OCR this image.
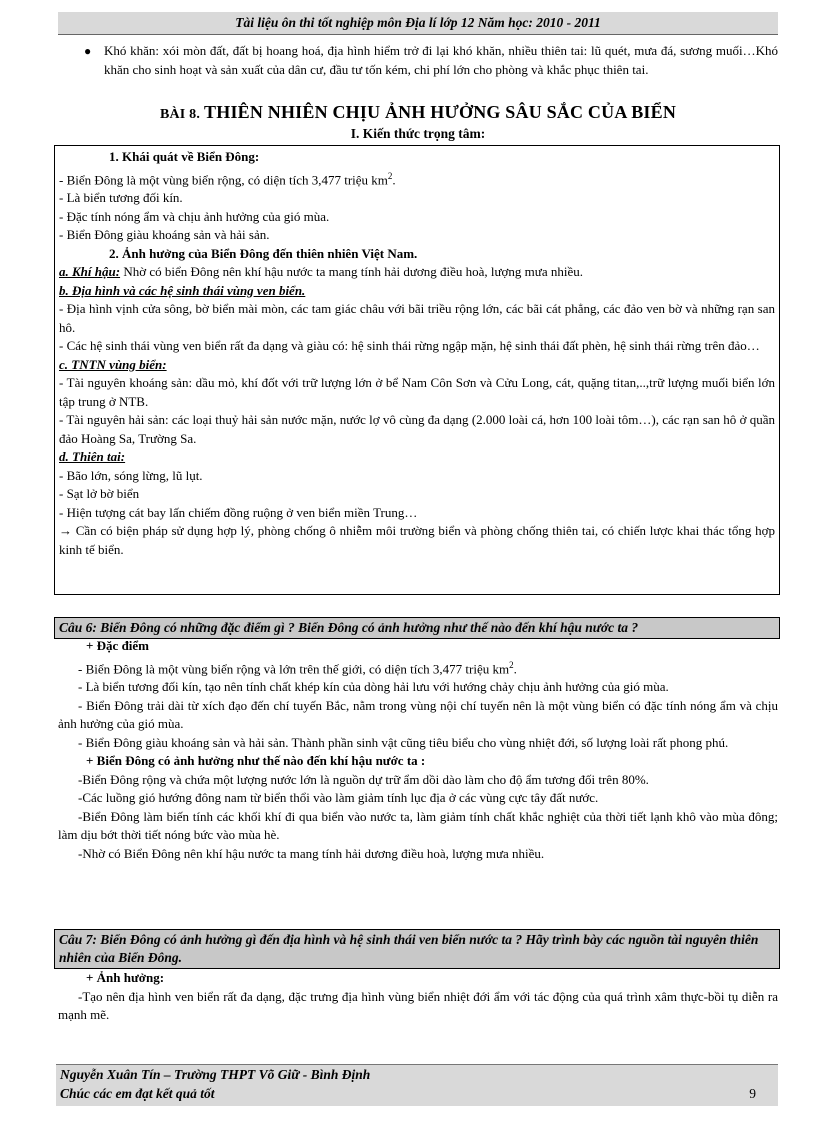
Tài liệu ôn thi tốt nghiệp môn Địa lí lớp 12 Năm học: 2010 - 2011
● Khó khăn: xói mòn đất, đất bị hoang hoá, địa hình hiểm trở đi lại khó khăn, nhiều thiên tai: lũ quét, mưa đá, sương muối…Khó khăn cho sinh hoạt và sản xuất của dân cư, đầu tư tốn kém, chi phí lớn cho phòng và khắc phục thiên tai.
BÀI 8. THIÊN NHIÊN CHỊU ẢNH HƯỞNG SÂU SẮC CỦA BIỂN
I. Kiến thức trọng tâm:
1. Khái quát về Biển Đông:
- Biển Đông là một vùng biển rộng, có diện tích 3,477 triệu $km^2$.
- Là biển tương đối kín.
- Đặc tính nóng ẩm và chịu ảnh hưởng của gió mùa.
- Biển Đông giàu khoáng sản và hải sản.
2. Ảnh hưởng của Biển Đông đến thiên nhiên Việt Nam.
a. Khí hậu: Nhờ có biển Đông nên khí hậu nước ta mang tính hải dương điều hoà, lượng mưa nhiều.
b. Địa hình và các hệ sinh thái vùng ven biển.
- Địa hình vịnh cửa sông, bờ biển mài mòn, các tam giác châu với bãi triều rộng lớn, các bãi cát phẳng, các đảo ven bờ và những rạn san hô.
- Các hệ sinh thái vùng ven biển rất đa dạng và giàu có: hệ sinh thái rừng ngập mặn, hệ sinh thái đất phèn, hệ sinh thái rừng trên đảo…
c. TNTN vùng biển:
- Tài nguyên khoáng sản: dầu mỏ, khí đốt với trữ lượng lớn ở bể Nam Côn Sơn và Cửu Long, cát, quặng titan,..,trữ lượng muối biển lớn tập trung ở NTB.
- Tài nguyên hải sản: các loại thuỷ hải sản nước mặn, nước lợ vô cùng đa dạng (2.000 loài cá, hơn 100 loài tôm…), các rạn san hô ở quần đảo Hoàng Sa, Trường Sa.
d. Thiên tai:
- Bão lớn, sóng lừng, lũ lụt.
- Sạt lở bờ biển
- Hiện tượng cát bay lấn chiếm đồng ruộng ở ven biển miền Trung…
→ Cần có biện pháp sử dụng hợp lý, phòng chống ô nhiễm môi trường biển và phòng chống thiên tai, có chiến lược khai thác tổng hợp kinh tế biển.
Câu 6: Biển Đông có những đặc điểm gì ? Biển Đông có ảnh hưởng như thế nào đến khí hậu nước ta ?
+ Đặc điểm
- Biển Đông là một vùng biển rộng và lớn trên thế giới, có diện tích 3,477 triệu $km^2$.
- Là biển tương đối kín, tạo nên tính chất khép kín của dòng hải lưu với hướng chảy chịu ảnh hưởng của gió mùa.
- Biển Đông trải dài từ xích đạo đến chí tuyến Bắc, nằm trong vùng nội chí tuyến nên là một vùng biển có đặc tính nóng ẩm và chịu ảnh hưởng của gió mùa.
- Biển Đông giàu khoáng sản và hải sản. Thành phần sinh vật cũng tiêu biểu cho vùng nhiệt đới, số lượng loài rất phong phú.
+ Biển Đông có ảnh hưởng như thế nào đến khí hậu nước ta :
-Biển Đông rộng và chứa một lượng nước lớn là nguồn dự trữ ẩm dồi dào làm cho độ ẩm tương đối trên 80%.
-Các luồng gió hướng đông nam từ biển thổi vào làm giảm tính lục địa ở các vùng cực tây đất nước.
-Biển Đông làm biến tính các khối khí đi qua biển vào nước ta, làm giảm tính chất khắc nghiệt của thời tiết lạnh khô vào mùa đông; làm dịu bớt thời tiết nóng bức vào mùa hè.
-Nhờ có Biển Đông nên khí hậu nước ta mang tính hải dương điều hoà, lượng mưa nhiều.
Câu 7: Biển Đông có ảnh hưởng gì đến địa hình và hệ sinh thái ven biển nước ta ? Hãy trình bày các nguồn tài nguyên thiên nhiên của Biển Đông.
+ Ảnh hưởng:
-Tạo nên địa hình ven biển rất đa dạng, đặc trưng địa hình vùng biển nhiệt đới ẩm với tác động của quá trình xâm thực-bồi tụ diễn ra mạnh mẽ.
Nguyễn Xuân Tín – Trường THPT Võ Giữ - Bình Định
Chúc các em đạt kết quả tốt	9
